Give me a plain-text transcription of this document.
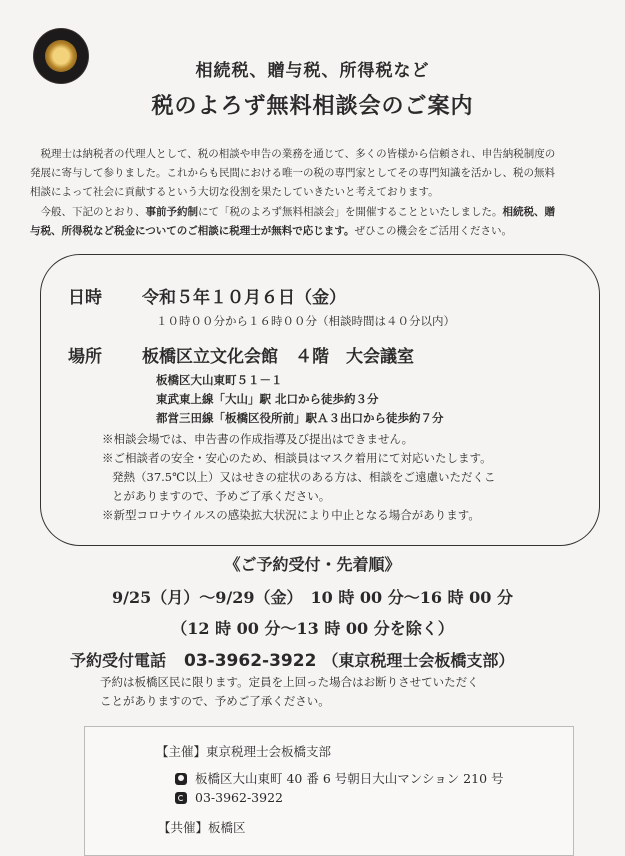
相続税、贈与税、所得税など
税のよろず無料相談会のご案内

税理士は納税者の代理人として、税の相談や申告の業務を通じて、多くの皆様から信頼され、申告納税制度の

発展に寄与して参りました。これからも民間における唯一の税の専門家としてその専門知識を活かし、税の無料

相談によって社会に貢献するという大切な役割を果たしていきたいと考えております。

今般、下記のとおり、事前予約制にて「税のよろず無料相談会」を開催することといたしました。相続税、贈

与税、所得税など税金についてのご相談に税理士が無料で応じます。ぜひこの機会をご活用ください。

日時 令和５年１０月６日（金）
１０時００分から１６時００分（相談時間は４０分以内）
場所 板橋区立文化会館　４階　大会議室
板橋区大山東町５１－１
東武東上線「大山」駅 北口から徒歩約３分
都営三田線「板橋区役所前」駅Ａ３出口から徒歩約７分
※相談会場では、申告書の作成指導及び提出はできません。
※ご相談者の安全・安心のため、相談員はマスク着用にて対応いたします。
発熱（37.5℃以上）又はせきの症状のある方は、相談をご遠慮いただくこ
とがありますので、予めご了承ください。
※新型コロナウイルスの感染拡大状況により中止となる場合があります。
《ご予約受付・先着順》
9/25（月）～9/29（金）　10 時 00 分～16 時 00 分
（12 時 00 分～13 時 00 分を除く）
予約受付電話 03-3962-3922 （東京税理士会板橋支部）
予約は板橋区民に限ります。定員を上回った場合はお断りさせていただく
ことがありますので、予めご了承ください。
【主催】東京税理士会板橋支部
板橋区大山東町 40 番 6 号朝日大山マンション 210 号
03-3962-3922
【共催】板橋区
